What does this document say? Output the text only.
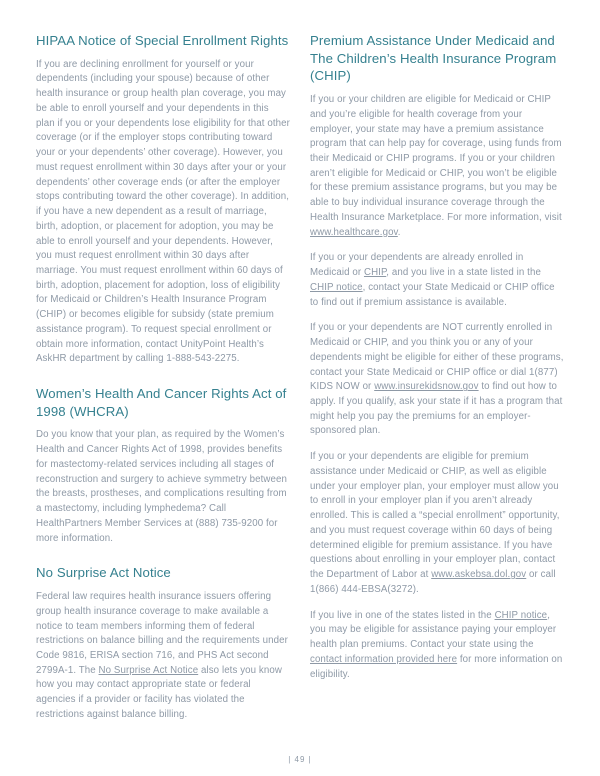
HIPAA Notice of Special Enrollment Rights

If you are declining enrollment for yourself or your dependents (including your spouse) because of other health insurance or group health plan coverage, you may be able to enroll yourself and your dependents in this plan if you or your dependents lose eligibility for that other coverage (or if the employer stops contributing toward your or your dependents’ other coverage). However, you must request enrollment within 30 days after your or your dependents’ other coverage ends (or after the employer stops contributing toward the other coverage). In addition, if you have a new dependent as a result of marriage, birth, adoption, or placement for adoption, you may be able to enroll yourself and your dependents. However, you must request enrollment within 30 days after marriage. You must request enrollment within 60 days of birth, adoption, placement for adoption, loss of eligibility for Medicaid or Children’s Health Insurance Program (CHIP) or becomes eligible for subsidy (state premium assistance program). To request special enrollment or obtain more information, contact UnityPoint Health’s AskHR department by calling 1-888-543-2275.

Women’s Health And Cancer Rights Act of 1998 (WHCRA)

Do you know that your plan, as required by the Women’s Health and Cancer Rights Act of 1998, provides benefits for mastectomy-related services including all stages of reconstruction and surgery to achieve symmetry between the breasts, prostheses, and complications resulting from a mastectomy, including lymphedema? Call HealthPartners Member Services at (888) 735-9200 for more information.

No Surprise Act Notice

Federal law requires health insurance issuers offering group health insurance coverage to make available a notice to team members informing them of federal restrictions on balance billing and the requirements under Code 9816, ERISA section 716, and PHS Act second 2799A-1. The No Surprise Act Notice also lets you know how you may contact appropriate state or federal agencies if a provider or facility has violated the restrictions against balance billing.

Premium Assistance Under Medicaid and The Children’s Health Insurance Program (CHIP)

If you or your children are eligible for Medicaid or CHIP and you’re eligible for health coverage from your employer, your state may have a premium assistance program that can help pay for coverage, using funds from their Medicaid or CHIP programs. If you or your children aren’t eligible for Medicaid or CHIP, you won’t be eligible for these premium assistance programs, but you may be able to buy individual insurance coverage through the Health Insurance Marketplace. For more information, visit www.healthcare.gov.

If you or your dependents are already enrolled in Medicaid or CHIP, and you live in a state listed in the CHIP notice, contact your State Medicaid or CHIP office to find out if premium assistance is available.

If you or your dependents are NOT currently enrolled in Medicaid or CHIP, and you think you or any of your dependents might be eligible for either of these programs, contact your State Medicaid or CHIP office or dial 1(877) KIDS NOW or www.insurekidsnow.gov to find out how to apply. If you qualify, ask your state if it has a program that might help you pay the premiums for an employer-sponsored plan.

If you or your dependents are eligible for premium assistance under Medicaid or CHIP, as well as eligible under your employer plan, your employer must allow you to enroll in your employer plan if you aren’t already enrolled. This is called a “special enrollment” opportunity, and you must request coverage within 60 days of being determined eligible for premium assistance. If you have questions about enrolling in your employer plan, contact the Department of Labor at www.askebsa.dol.gov or call 1(866) 444-EBSA(3272).

If you live in one of the states listed in the CHIP notice, you may be eligible for assistance paying your employer health plan premiums. Contact your state using the contact information provided here for more information on eligibility.

| 49 |
